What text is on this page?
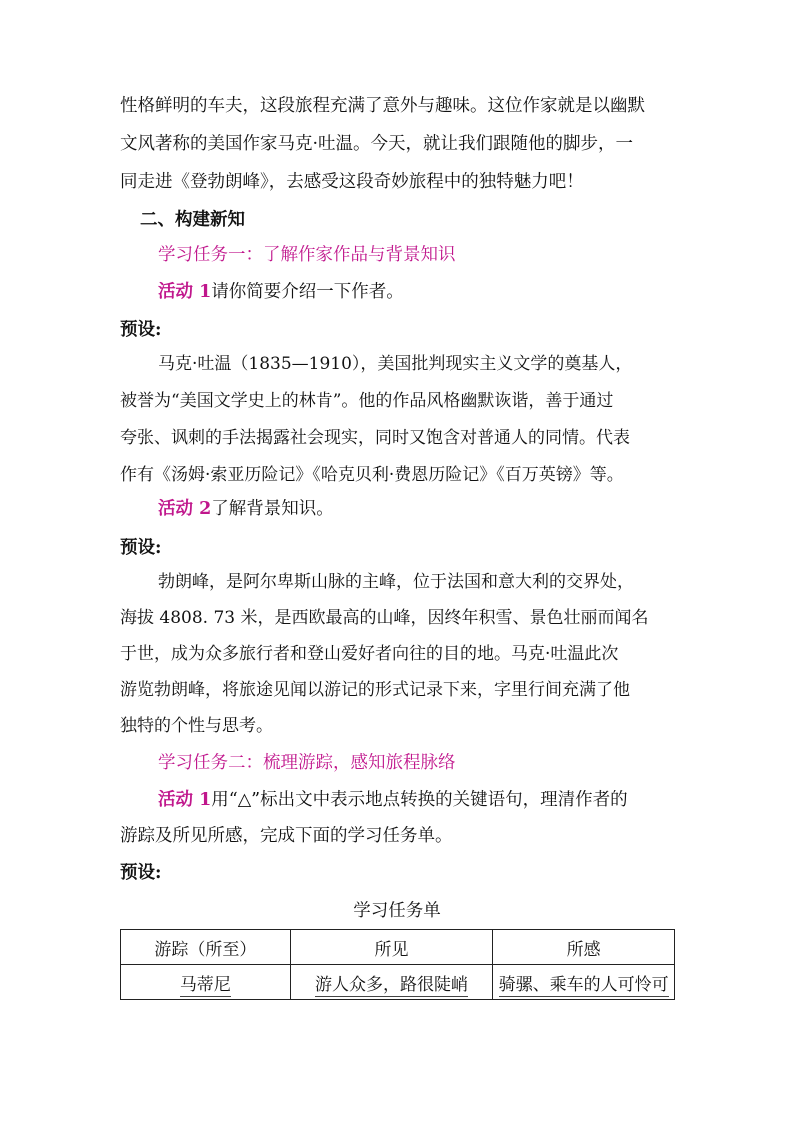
性格鲜明的车夫，这段旅程充满了意外与趣味。这位作家就是以幽默
文风著称的美国作家马克·吐温。今天，就让我们跟随他的脚步，一
同走进《登勃朗峰》，去感受这段奇妙旅程中的独特魅力吧！
二、构建新知
学习任务一：了解作家作品与背景知识
活动 1请你简要介绍一下作者。
预设:
马克·吐温（1835—1910），美国批判现实主义文学的奠基人，
被誉为“美国文学史上的林肯”。他的作品风格幽默诙谐，善于通过
夸张、讽刺的手法揭露社会现实，同时又饱含对普通人的同情。代表
作有《汤姆·索亚历险记》《哈克贝利·费恩历险记》《百万英镑》等。
活动 2了解背景知识。
预设:
勃朗峰，是阿尔卑斯山脉的主峰，位于法国和意大利的交界处，
海拔 4808. 73 米，是西欧最高的山峰，因终年积雪、景色壮丽而闻名
于世，成为众多旅行者和登山爱好者向往的目的地。马克·吐温此次
游览勃朗峰，将旅途见闻以游记的形式记录下来，字里行间充满了他
独特的个性与思考。
学习任务二：梳理游踪，感知旅程脉络
活动 1用“△”标出文中表示地点转换的关键语句，理清作者的
游踪及所见所感，完成下面的学习任务单。
预设:
学习任务单
游踪（所至）	所见	所感
马蒂尼	游人众多，路很陡峭	骑骡、乘车的人可怜可
